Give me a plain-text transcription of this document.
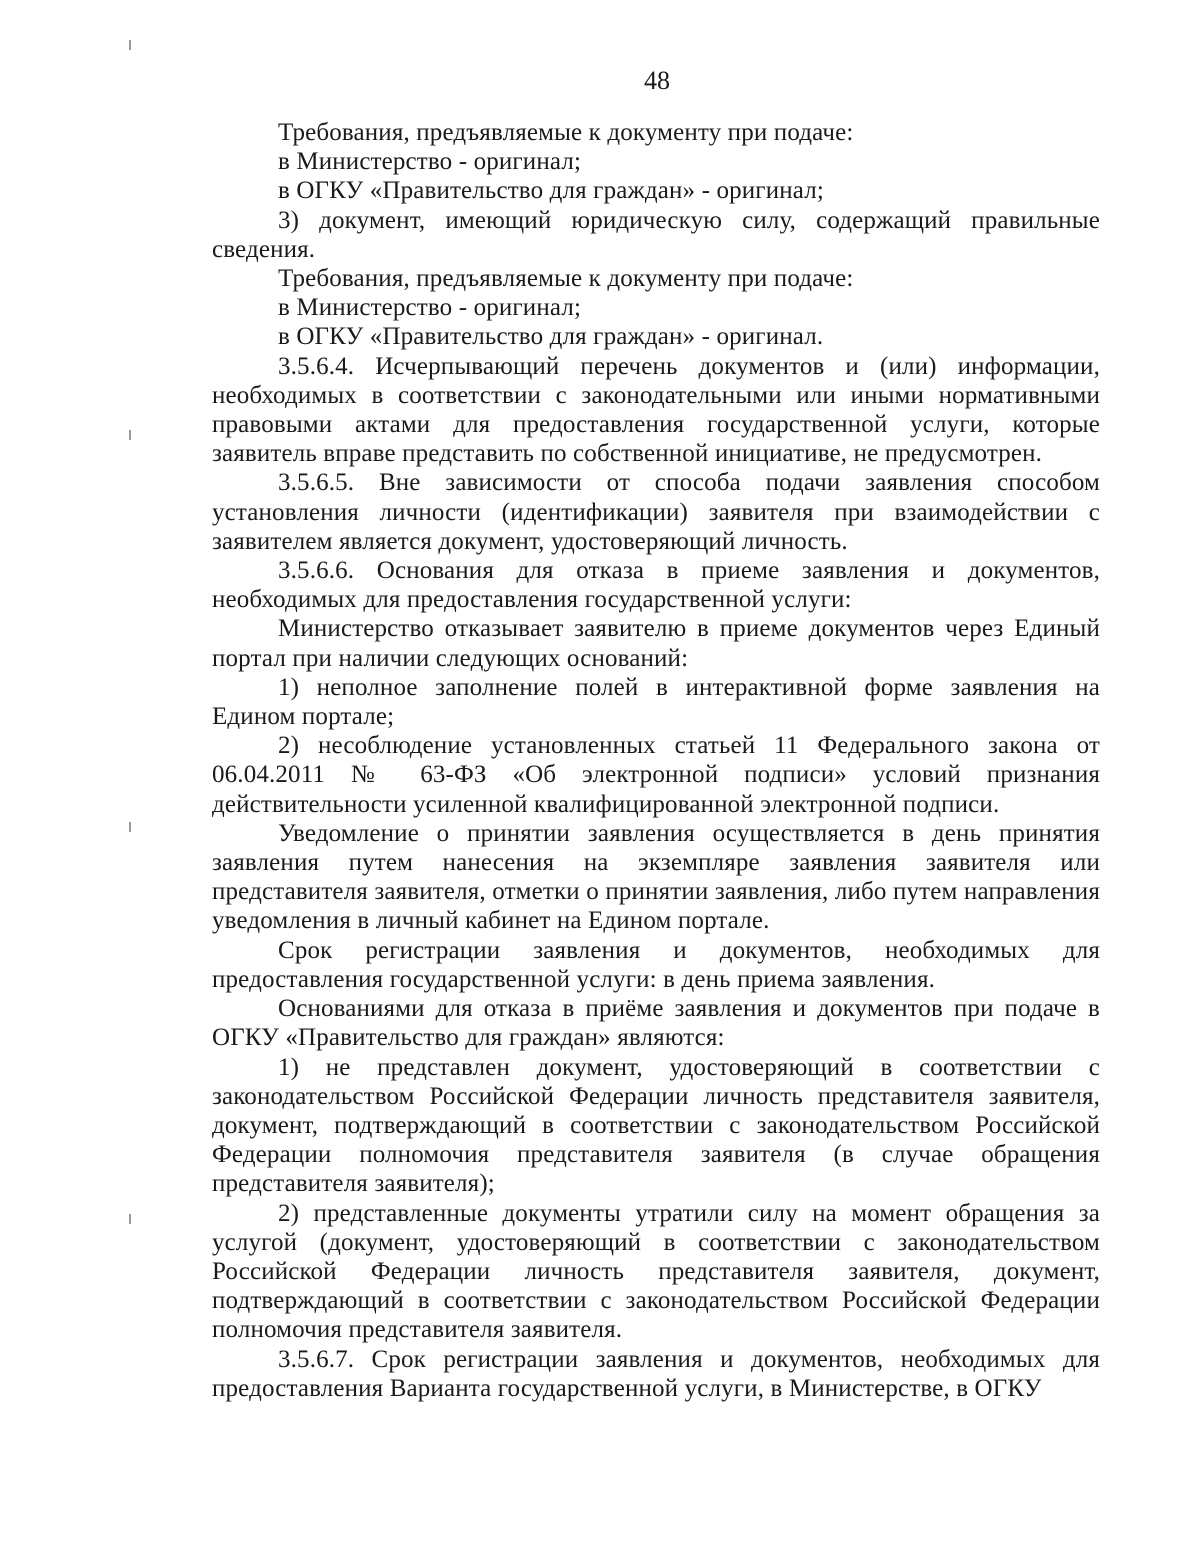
48

Требования, предъявляемые к документу при подаче:

в Министерство - оригинал;

в ОГКУ «Правительство для граждан» - оригинал;

3) документ, имеющий юридическую силу, содержащий правильные сведения.

Требования, предъявляемые к документу при подаче:

в Министерство - оригинал;

в ОГКУ «Правительство для граждан» - оригинал.

3.5.6.4. Исчерпывающий перечень документов и (или) информации, необходимых в соответствии с законодательными или иными нормативными правовыми актами для предоставления государственной услуги, которые заявитель вправе представить по собственной инициативе, не предусмотрен.

3.5.6.5. Вне зависимости от способа подачи заявления способом установления личности (идентификации) заявителя при взаимодействии с заявителем является документ, удостоверяющий личность.

3.5.6.6. Основания для отказа в приеме заявления и документов, необходимых для предоставления государственной услуги:

Министерство отказывает заявителю в приеме документов через Единый портал при наличии следующих оснований:

1) неполное заполнение полей в интерактивной форме заявления на Едином портале;

2) несоблюдение установленных статьей 11 Федерального закона от 06.04.2011 № 63-ФЗ «Об электронной подписи» условий признания действительности усиленной квалифицированной электронной подписи.

Уведомление о принятии заявления осуществляется в день принятия заявления путем нанесения на экземпляре заявления заявителя или представителя заявителя, отметки о принятии заявления, либо путем направления уведомления в личный кабинет на Едином портале.

Срок регистрации заявления и документов, необходимых для предоставления государственной услуги: в день приема заявления.

Основаниями для отказа в приёме заявления и документов при подаче в ОГКУ «Правительство для граждан» являются:

1) не представлен документ, удостоверяющий в соответствии с законодательством Российской Федерации личность представителя заявителя, документ, подтверждающий в соответствии с законодательством Российской Федерации полномочия представителя заявителя (в случае обращения представителя заявителя);

2) представленные документы утратили силу на момент обращения за услугой (документ, удостоверяющий в соответствии с законодательством Российской Федерации личность представителя заявителя, документ, подтверждающий в соответствии с законодательством Российской Федерации полномочия представителя заявителя.

3.5.6.7. Срок регистрации заявления и документов, необходимых для предоставления Варианта государственной услуги, в Министерстве, в ОГКУ
